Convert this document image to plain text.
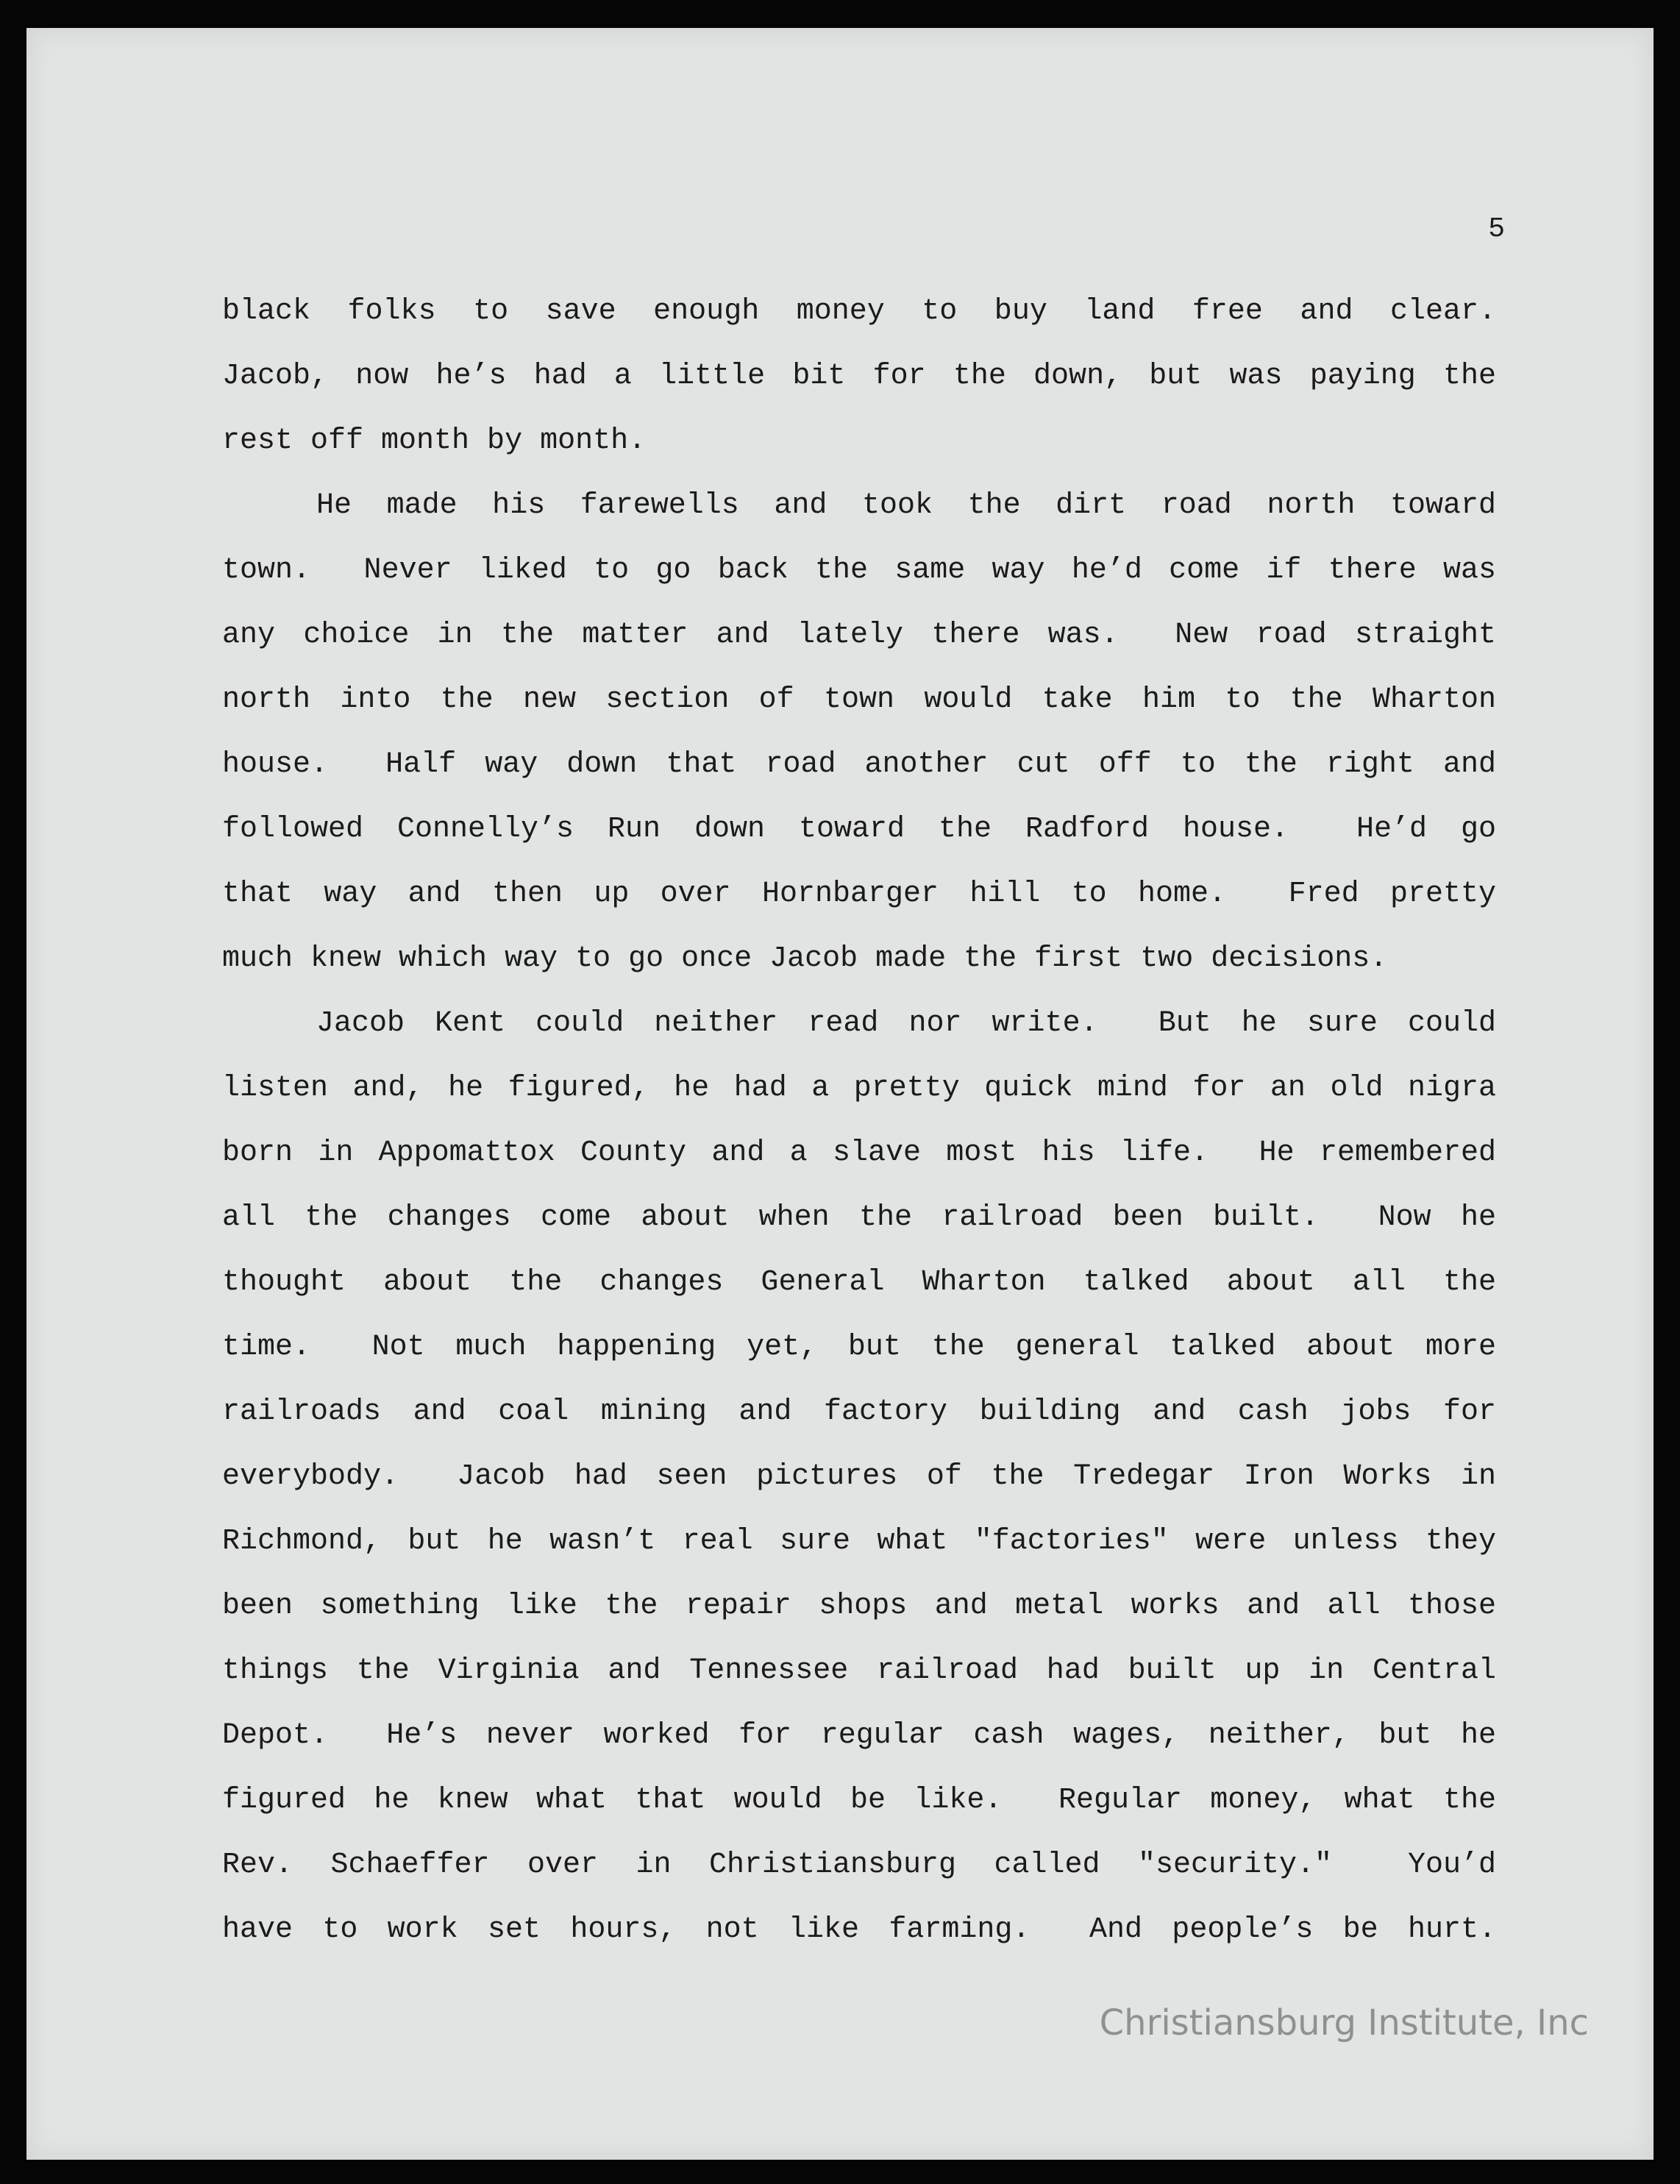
5
black folks to save enough money to buy land free and clear.
Jacob, now he’s had a little bit for the down, but was paying the
rest off month by month.
He made his farewells and took the dirt road north toward
town.  Never liked to go back the same way he’d come if there was
any choice in the matter and lately there was.  New road straight
north into the new section of town would take him to the Wharton
house.  Half way down that road another cut off to the right and
followed Connelly’s Run down toward the Radford house.  He’d go
that way and then up over Hornbarger hill to home.  Fred pretty
much knew which way to go once Jacob made the first two decisions.
Jacob Kent could neither read nor write.  But he sure could
listen and, he figured, he had a pretty quick mind for an old nigra
born in Appomattox County and a slave most his life.  He remembered
all the changes come about when the railroad been built.  Now he
thought about the changes General Wharton talked about all the
time.  Not much happening yet, but the general talked about more
railroads and coal mining and factory building and cash jobs for
everybody.  Jacob had seen pictures of the Tredegar Iron Works in
Richmond, but he wasn’t real sure what "factories" were unless they
been something like the repair shops and metal works and all those
things the Virginia and Tennessee railroad had built up in Central
Depot.  He’s never worked for regular cash wages, neither, but he
figured he knew what that would be like.  Regular money, what the
Rev. Schaeffer over in Christiansburg called "security."  You’d
have to work set hours, not like farming.  And people’s be hurt.
Christiansburg Institute, Inc
